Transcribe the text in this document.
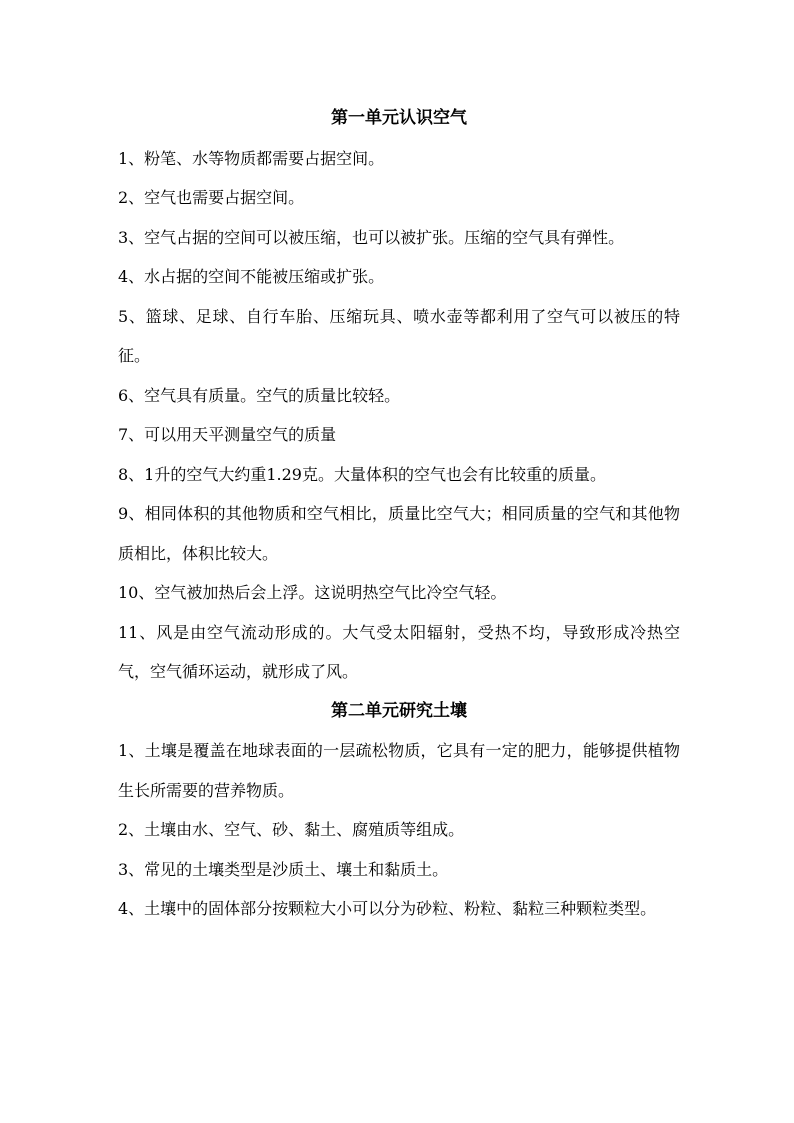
第一单元认识空气

1、粉笔、水等物质都需要占据空间。

2、空气也需要占据空间。

3、空气占据的空间可以被压缩，也可以被扩张。压缩的空气具有弹性。

4、水占据的空间不能被压缩或扩张。

5、篮球、足球、自行车胎、压缩玩具、喷水壶等都利用了空气可以被压的特征。

6、空气具有质量。空气的质量比较轻。

7、可以用天平测量空气的质量

8、1升的空气大约重1.29克。大量体积的空气也会有比较重的质量。

9、相同体积的其他物质和空气相比，质量比空气大；相同质量的空气和其他物质相比，体积比较大。

10、空气被加热后会上浮。这说明热空气比冷空气轻。

11、风是由空气流动形成的。大气受太阳辐射，受热不均，导致形成冷热空气，空气循环运动，就形成了风。

第二单元研究土壤

1、土壤是覆盖在地球表面的一层疏松物质，它具有一定的肥力，能够提供植物生长所需要的营养物质。

2、土壤由水、空气、砂、黏土、腐殖质等组成。

3、常见的土壤类型是沙质土、壤土和黏质土。

4、土壤中的固体部分按颗粒大小可以分为砂粒、粉粒、黏粒三种颗粒类型。
